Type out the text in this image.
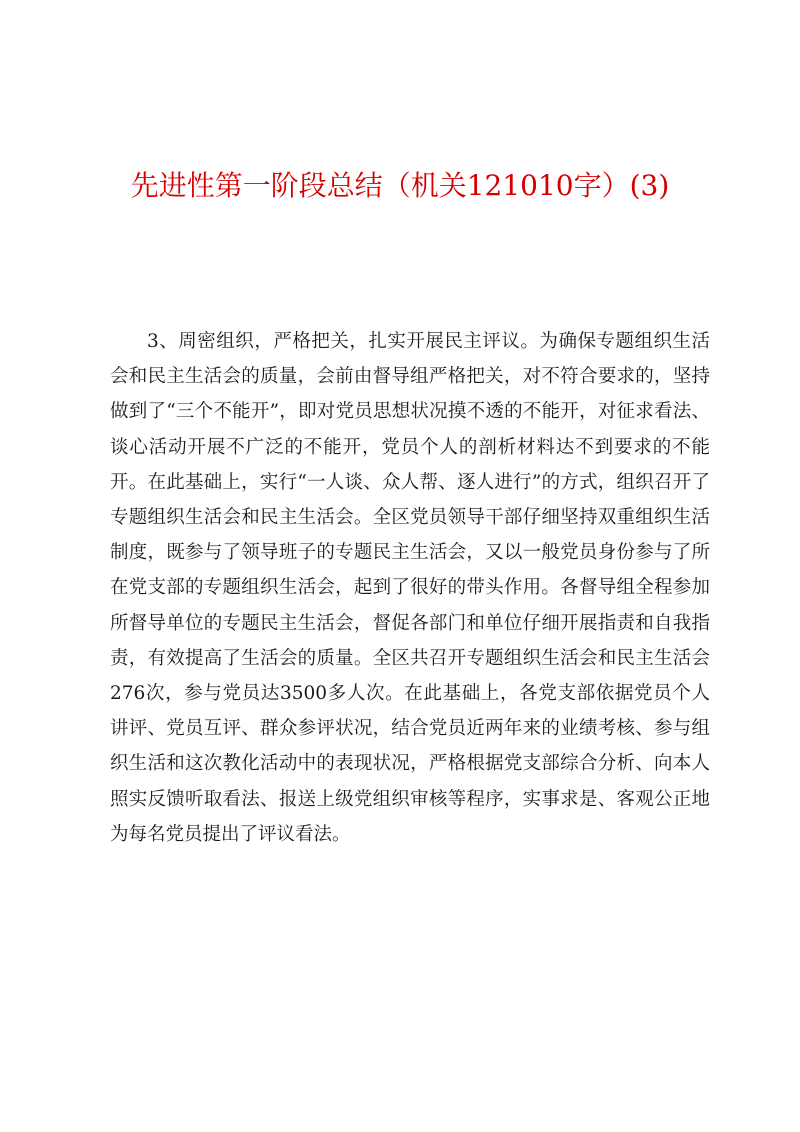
先进性第一阶段总结（机关121010字）(3)

3、周密组织，严格把关，扎实开展民主评议。为确保专题组织生活会和民主生活会的质量，会前由督导组严格把关，对不符合要求的，坚持做到了“三个不能开”，即对党员思想状况摸不透的不能开，对征求看法、谈心活动开展不广泛的不能开，党员个人的剖析材料达不到要求的不能开。在此基础上，实行“一人谈、众人帮、逐人进行”的方式，组织召开了专题组织生活会和民主生活会。全区党员领导干部仔细坚持双重组织生活制度，既参与了领导班子的专题民主生活会，又以一般党员身份参与了所在党支部的专题组织生活会，起到了很好的带头作用。各督导组全程参加所督导单位的专题民主生活会，督促各部门和单位仔细开展指责和自我指责，有效提高了生活会的质量。全区共召开专题组织生活会和民主生活会276次，参与党员达3500多人次。在此基础上，各党支部依据党员个人讲评、党员互评、群众参评状况，结合党员近两年来的业绩考核、参与组织生活和这次教化活动中的表现状况，严格根据党支部综合分析、向本人照实反馈听取看法、报送上级党组织审核等程序，实事求是、客观公正地为每名党员提出了评议看法。
